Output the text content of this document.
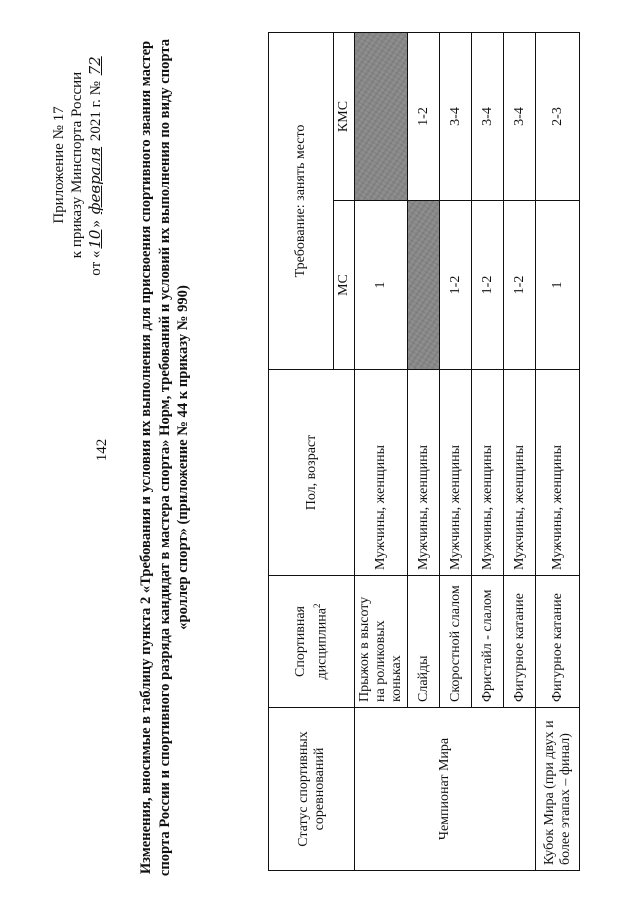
142
Приложение № 17 к приказу Минспорта России
от «10» февраля 2021 г. № 72 Изменения, вносимые в таблицу пункта 2 «Требования и условия их выполнения для присвоения спортивного звания мастер спорта России и спортивного разряда кандидат в мастера спорта» Норм, требований и условий их выполнения по виду спорта «роллер спорт» (приложение № 44 к приказу № 990)
Статус спортивных соревнований	Спортивная дисциплина$^2$	Пол, возраст	Требование: занять место	
			МС	КМС
Чемпионат Мира	Прыжок в высоту на роликовых коньках	Мужчины, женщины	1	
	Слайды	Мужчины, женщины		1-2
	Скоростной слалом	Мужчины, женщины	1-2	3-4
	Фристайл - слалом	Мужчины, женщины	1-2	3-4
	Фигурное катание	Мужчины, женщины	1-2	3-4
Кубок Мира (при двух и более этапах – финал)	Фигурное катание	Мужчины, женщины	1	2-3
